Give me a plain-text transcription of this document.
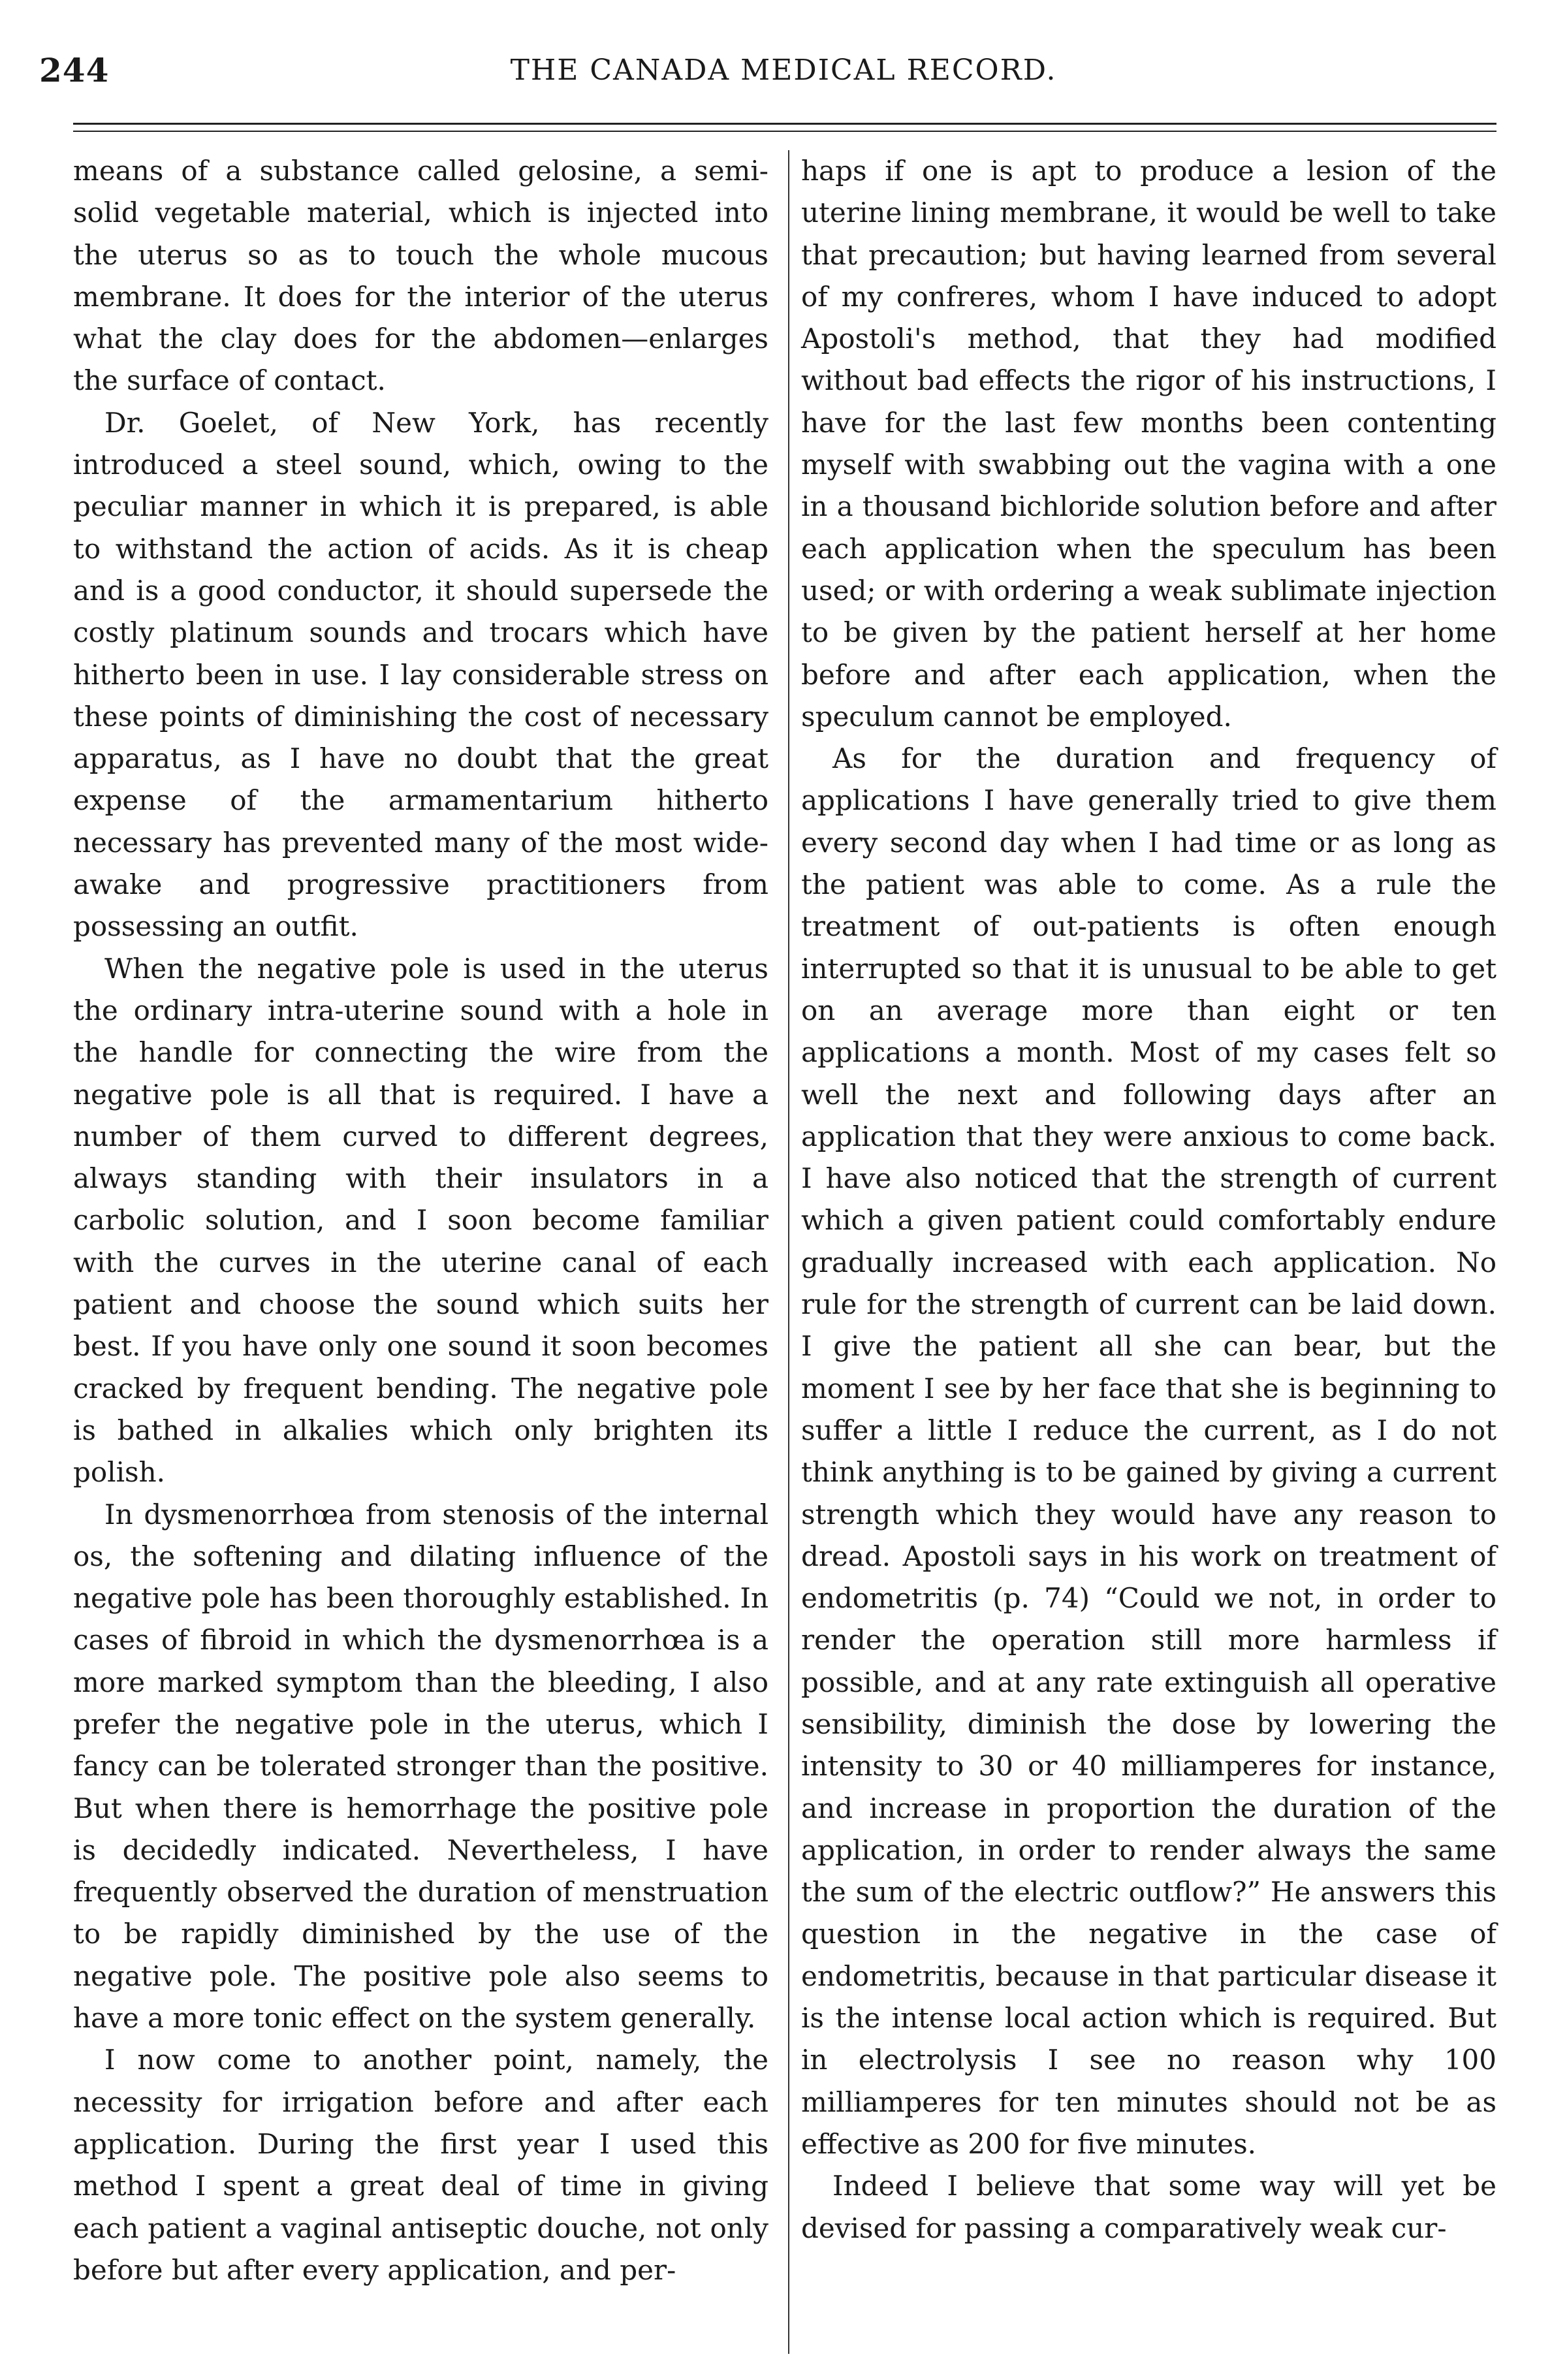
244	THE CANADA MEDICAL RECORD.

means of a substance called gelosine, a semi-solid vegetable material, which is injected into the uterus so as to touch the whole mucous membrane. It does for the interior of the uterus what the clay does for the abdomen—enlarges the surface of contact.

Dr. Goelet, of New York, has recently introduced a steel sound, which, owing to the peculiar manner in which it is prepared, is able to withstand the action of acids. As it is cheap and is a good conductor, it should supersede the costly platinum sounds and trocars which have hitherto been in use. I lay considerable stress on these points of diminishing the cost of necessary apparatus, as I have no doubt that the great expense of the armamentarium hitherto necessary has prevented many of the most wide-awake and progressive practitioners from possessing an outfit.

When the negative pole is used in the uterus the ordinary intra-uterine sound with a hole in the handle for connecting the wire from the negative pole is all that is required. I have a number of them curved to different degrees, always standing with their insulators in a carbolic solution, and I soon become familiar with the curves in the uterine canal of each patient and choose the sound which suits her best. If you have only one sound it soon becomes cracked by frequent bending. The negative pole is bathed in alkalies which only brighten its polish.

In dysmenorrhœa from stenosis of the internal os, the softening and dilating influence of the negative pole has been thoroughly established. In cases of fibroid in which the dysmenorrhœa is a more marked symptom than the bleeding, I also prefer the negative pole in the uterus, which I fancy can be tolerated stronger than the positive. But when there is hemorrhage the positive pole is decidedly indicated. Nevertheless, I have frequently observed the duration of menstruation to be rapidly diminished by the use of the negative pole. The positive pole also seems to have a more tonic effect on the system generally.

I now come to another point, namely, the necessity for irrigation before and after each application. During the first year I used this method I spent a great deal of time in giving each patient a vaginal antiseptic douche, not only before but after every application, and per-

haps if one is apt to produce a lesion of the uterine lining membrane, it would be well to take that precaution; but having learned from several of my confreres, whom I have induced to adopt Apostoli's method, that they had modified without bad effects the rigor of his instructions, I have for the last few months been contenting myself with swabbing out the vagina with a one in a thousand bichloride solution before and after each application when the speculum has been used; or with ordering a weak sublimate injection to be given by the patient herself at her home before and after each application, when the speculum cannot be employed.

As for the duration and frequency of applications I have generally tried to give them every second day when I had time or as long as the patient was able to come. As a rule the treatment of out-patients is often enough interrupted so that it is unusual to be able to get on an average more than eight or ten applications a month. Most of my cases felt so well the next and following days after an application that they were anxious to come back. I have also noticed that the strength of current which a given patient could comfortably endure gradually increased with each application. No rule for the strength of current can be laid down. I give the patient all she can bear, but the moment I see by her face that she is beginning to suffer a little I reduce the current, as I do not think anything is to be gained by giving a current strength which they would have any reason to dread. Apostoli says in his work on treatment of endometritis (p. 74) “Could we not, in order to render the operation still more harmless if possible, and at any rate extinguish all operative sensibility, diminish the dose by lowering the intensity to 30 or 40 milliamperes for instance, and increase in proportion the duration of the application, in order to render always the same the sum of the electric outflow?” He answers this question in the negative in the case of endometritis, because in that particular disease it is the intense local action which is required. But in electrolysis I see no reason why 100 milliamperes for ten minutes should not be as effective as 200 for five minutes.

Indeed I believe that some way will yet be devised for passing a comparatively weak cur-
